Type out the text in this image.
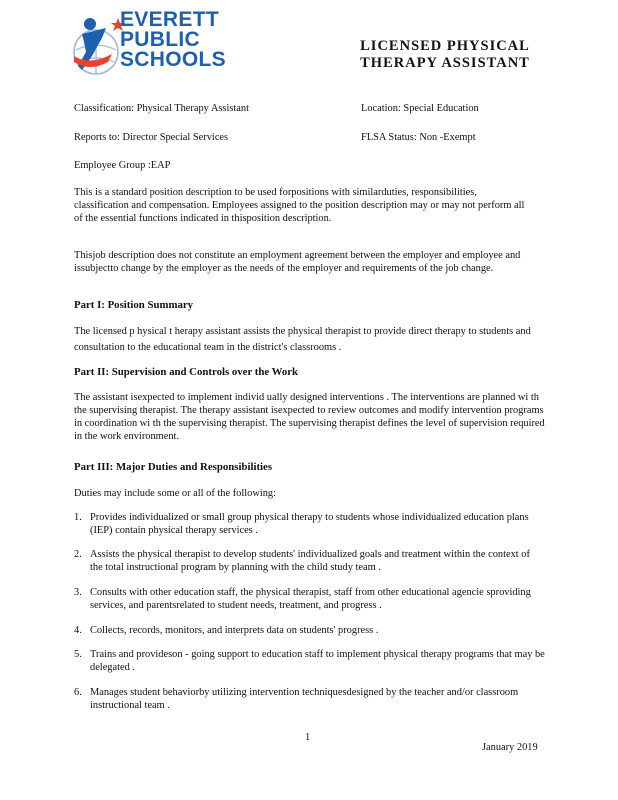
EVERETT
PUBLIC
SCHOOLS
LICENSED PHYSICAL
THERAPY ASSISTANT
Classification: Physical Therapy Assistant	Location: Special Education
Reports to: Director Special Services	FLSA Status: Non -Exempt
Employee Group :EAP
This is a standard position description to be used forpositions with similarduties, responsibilities, classification and compensation. Employees assigned to the position description may or may not perform all of the essential functions indicated in thisposition description.
Thisjob description does not constitute an employment agreement between the employer and employee and issubjectto change by the employer as the needs of the employer and requirements of the job change.
Part I: Position Summary
The licensed p hysical t herapy assistant assists the physical therapist to provide direct therapy to students and consultation to the educational team in the district's classrooms .
Part II: Supervision and Controls over the Work
The assistant isexpected to implement individ ually designed interventions . The interventions are planned wi th the supervising therapist. The therapy assistant isexpected to review outcomes and modify intervention programs in coordination wi th the supervising therapist. The supervising therapist defines the level of supervision required in the work environment.
Part III: Major Duties and Responsibilities
Duties may include some or all of the following:
1. Provides individualized or small group physical therapy to students whose individualized education plans (IEP) contain physical therapy services .
2. Assists the physical therapist to develop students' individualized goals and treatment within the context of the total instructional program by planning with the child study team .
3. Consults with other education staff, the physical therapist, staff from other educational agencie sproviding services, and parentsrelated to student needs, treatment, and progress .
4. Collects, records, monitors, and interprets data on students' progress .
5. Trains and provideson - going support to education staff to implement physical therapy programs that may be delegated .
6. Manages student behaviorby utilizing intervention techniquesdesigned by the teacher and/or classroom instructional team .
1
January 2019
